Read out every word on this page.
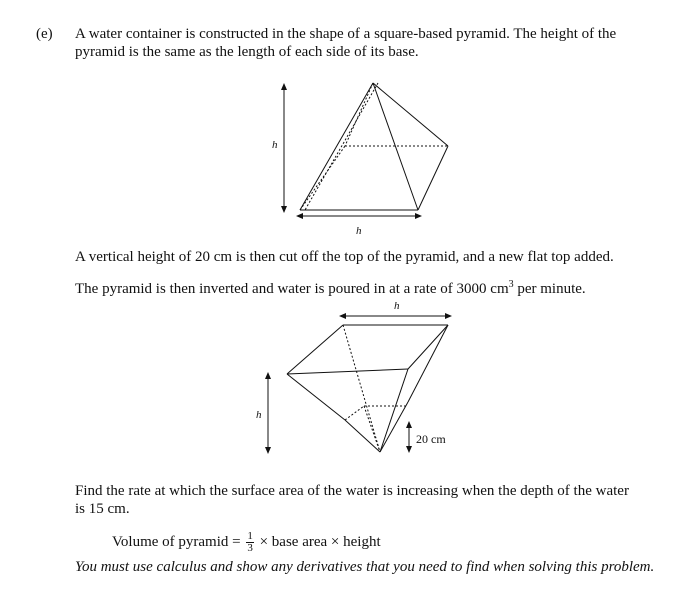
(e) A water container is constructed in the shape of a square-based pyramid. The height of the
pyramid is the same as the length of each side of its base.
h
h
A vertical height of 20 cm is then cut off the top of the pyramid, and a new flat top added.
The pyramid is then inverted and water is poured in at a rate of 3000 $cm^3$ per minute.
h
h
20 cm
Find the rate at which the surface area of the water is increasing when the depth of the water
is 15 cm.
Volume of pyramid = $\frac{1}{3}$ × base area × height
You must use calculus and show any derivatives that you need to find when solving this problem.
